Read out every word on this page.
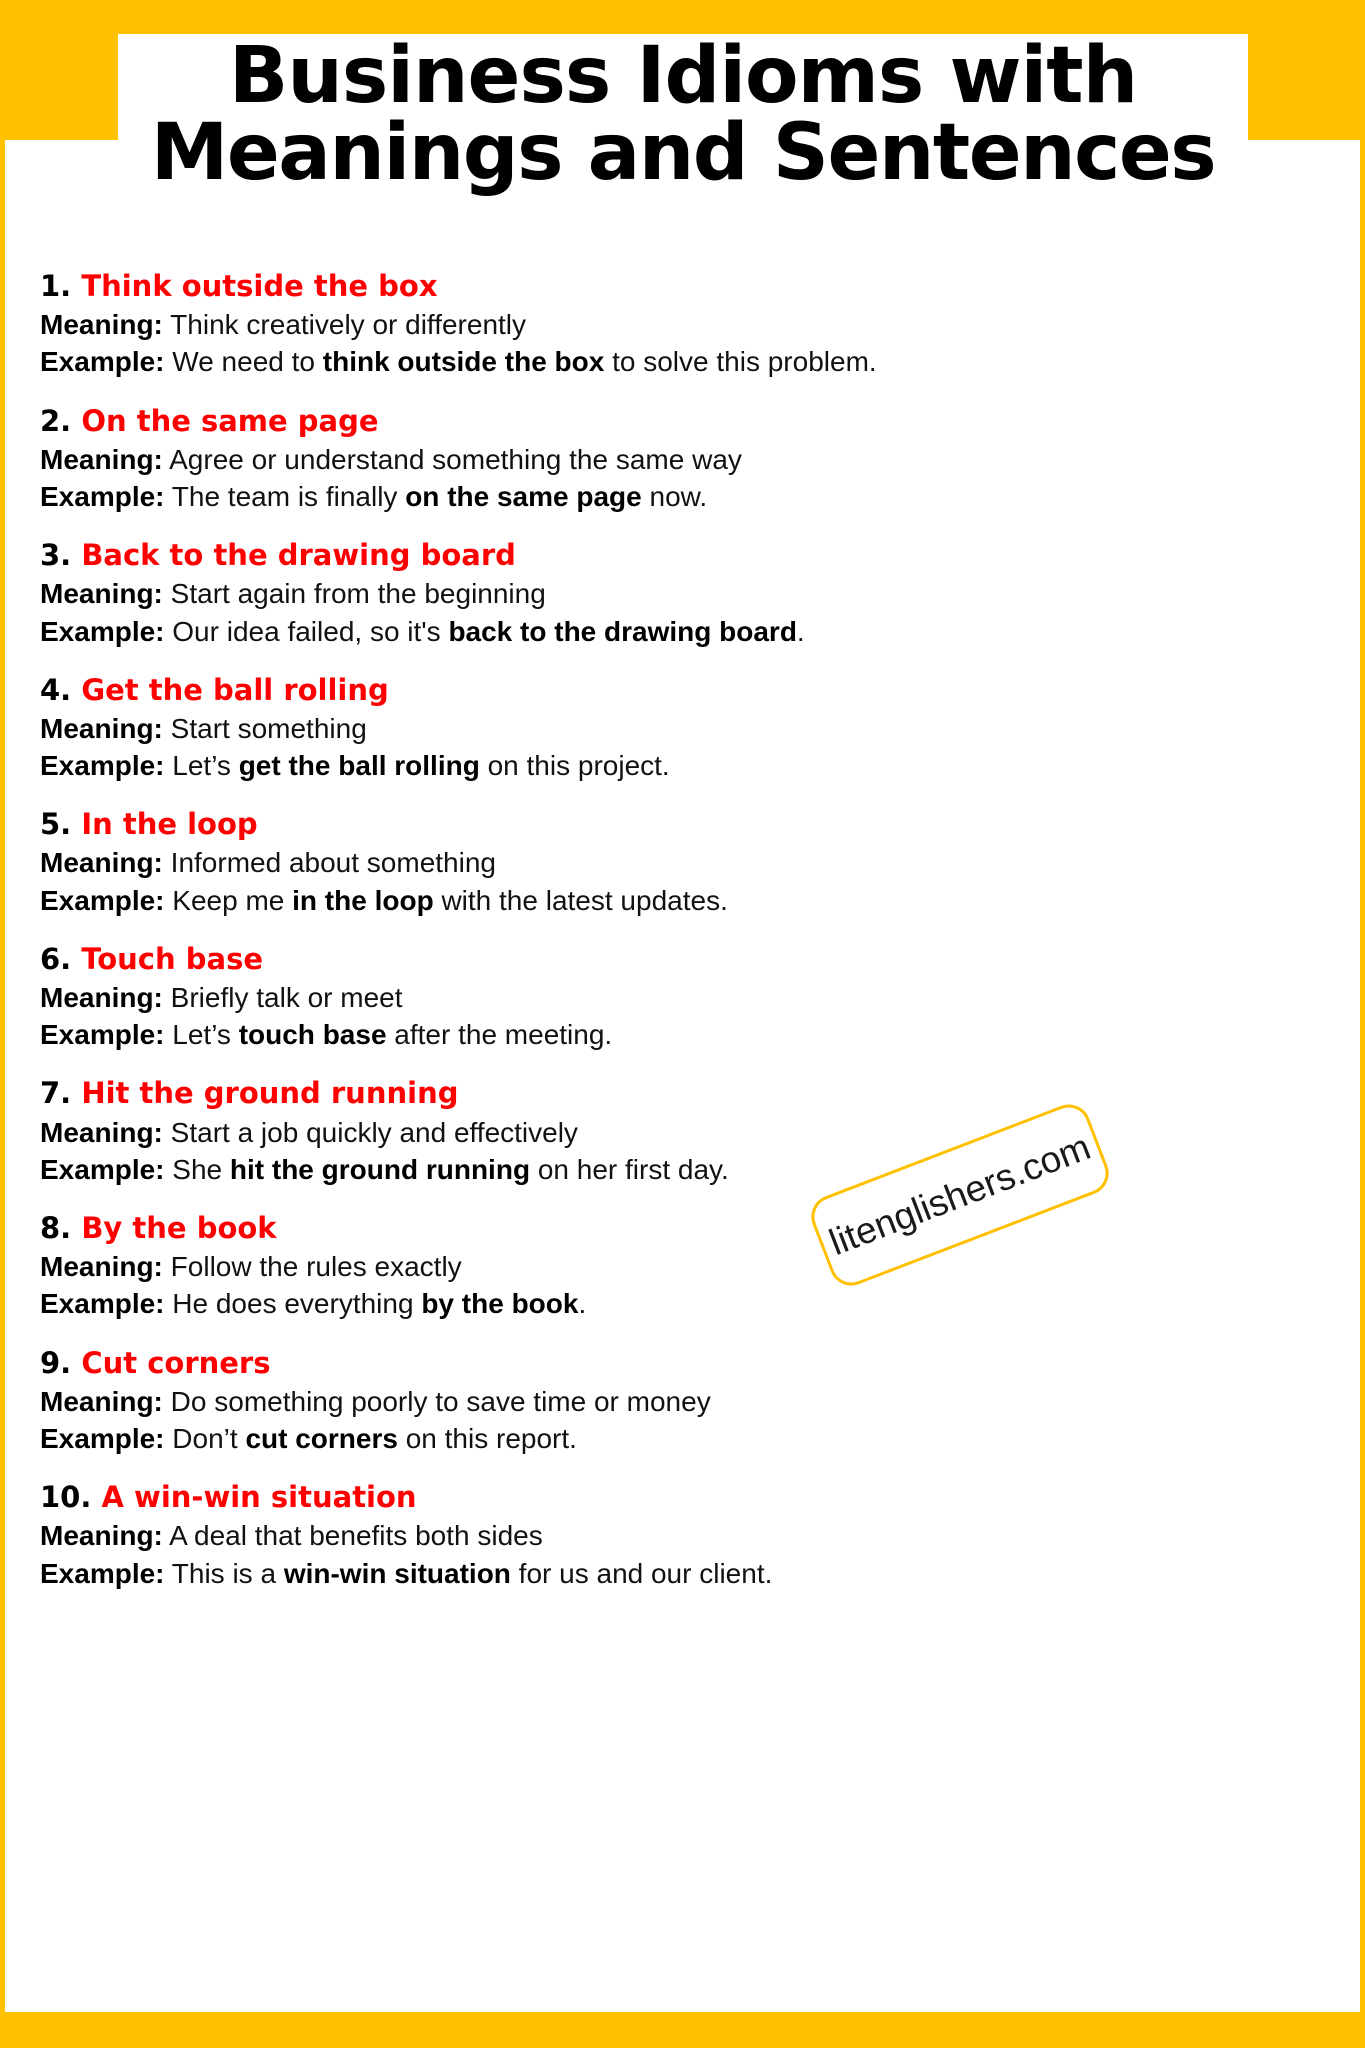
Business Idioms with
Meanings and Sentences
1. Think outside the box
Meaning: Think creatively or differently
Example: We need to think outside the box to solve this problem.
2. On the same page
Meaning: Agree or understand something the same way
Example: The team is finally on the same page now.
3. Back to the drawing board
Meaning: Start again from the beginning
Example: Our idea failed, so it's back to the drawing board.
4. Get the ball rolling
Meaning: Start something
Example: Let’s get the ball rolling on this project.
5. In the loop
Meaning: Informed about something
Example: Keep me in the loop with the latest updates.
6. Touch base
Meaning: Briefly talk or meet
Example: Let’s touch base after the meeting.
7. Hit the ground running
Meaning: Start a job quickly and effectively
Example: She hit the ground running on her first day.
8. By the book
Meaning: Follow the rules exactly
Example: He does everything by the book.
9. Cut corners
Meaning: Do something poorly to save time or money
Example: Don’t cut corners on this report.
10. A win-win situation
Meaning: A deal that benefits both sides
Example: This is a win-win situation for us and our client.
litenglishers.com
